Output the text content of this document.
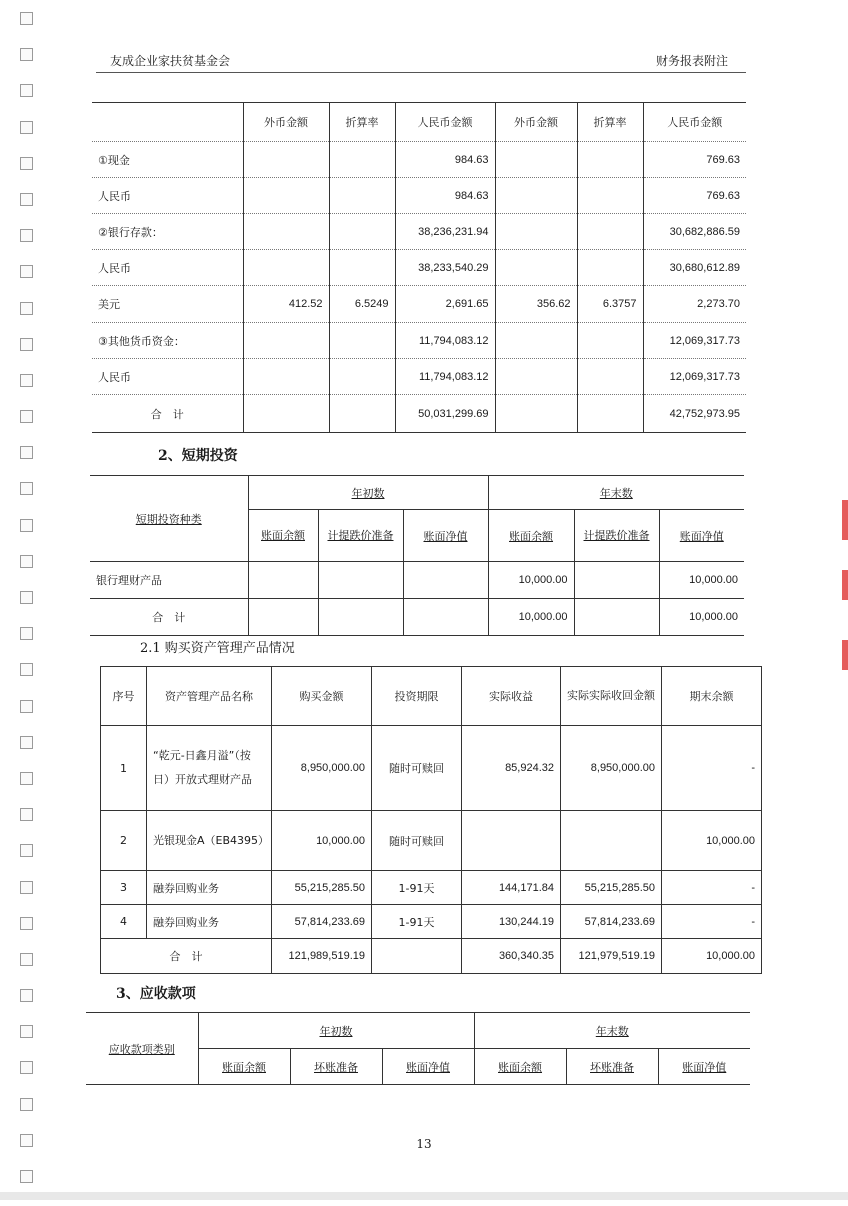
友成企业家扶贫基金会	财务报表附注
	外币金额	折算率	人民币金额	外币金额	折算率	人民币金额
①现金			984.63			769.63
人民币			984.63			769.63
②银行存款：			38,236,231.94			30,682,886.59
人民币			38,233,540.29			30,680,612.89
美元	412.52	6.5249	2,691.65	356.62	6.3757	2,273.70
③其他货币资金：			11,794,083.12			12,069,317.73
人民币			11,794,083.12			12,069,317.73
合　计			50,031,299.69			42,752,973.95
2、短期投资
短期投资种类	年初数			年末数		
	账面余额	计提跌价准备	账面净值	账面余额	计提跌价准备	账面净值
银行理财产品				10,000.00		10,000.00
合　计				10,000.00		10,000.00
2.1 购买资产管理产品情况
序号	资产管理产品名称	购买金额	投资期限	实际收益	实际实际收回金额	期末余额
1	“乾元-日鑫月溢”（按日）开放式理财产品	8,950,000.00	随时可赎回	85,924.32	8,950,000.00	-
2	光银现金A（EB4395）	10,000.00	随时可赎回			10,000.00
3	融券回购业务	55,215,285.50	1-91天	144,171.84	55,215,285.50	-
4	融券回购业务	57,814,233.69	1-91天	130,244.19	57,814,233.69	-
合　计		121,989,519.19		360,340.35	121,979,519.19	10,000.00
3、应收款项
应收款项类别	年初数			年末数		
	账面余额	坏账准备	账面净值	账面余额	坏账准备	账面净值
13
